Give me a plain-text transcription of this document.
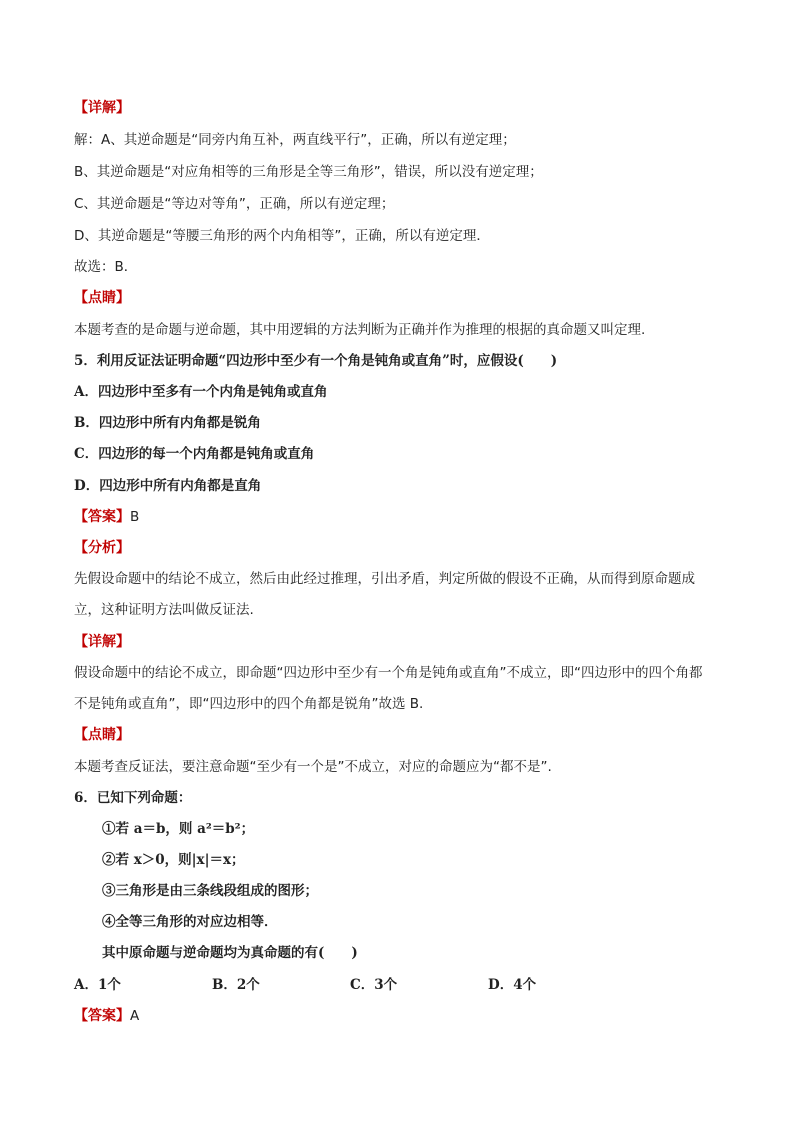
【详解】
解：A、其逆命题是“同旁内角互补，两直线平行”，正确，所以有逆定理；
B、其逆命题是“对应角相等的三角形是全等三角形”，错误，所以没有逆定理；
C、其逆命题是“等边对等角”，正确，所以有逆定理；
D、其逆命题是“等腰三角形的两个内角相等”，正确，所以有逆定理．
故选：B．
【点睛】
本题考查的是命题与逆命题，其中用逻辑的方法判断为正确并作为推理的根据的真命题又叫定理.
5．利用反证法证明命题“四边形中至少有一个角是钝角或直角”时，应假设(　　)
A．四边形中至多有一个内角是钝角或直角
B．四边形中所有内角都是锐角
C．四边形的每一个内角都是钝角或直角
D．四边形中所有内角都是直角
【答案】B
【分析】
先假设命题中的结论不成立，然后由此经过推理，引出矛盾，判定所做的假设不正确，从而得到原命题成
立，这种证明方法叫做反证法.
【详解】
假设命题中的结论不成立，即命题“四边形中至少有一个角是钝角或直角”不成立，即“四边形中的四个角都
不是钝角或直角”，即“四边形中的四个角都是锐角”故选 B.
【点睛】
本题考查反证法，要注意命题“至少有一个是”不成立，对应的命题应为“都不是”.
6．已知下列命题：
①若 a＝b，则 a²＝b²；
②若 x＞0，则|x|＝x；
③三角形是由三条线段组成的图形；
④全等三角形的对应边相等．
其中原命题与逆命题均为真命题的有(　　)
A．1个	B．2个	C．3个	D．4个
【答案】A
